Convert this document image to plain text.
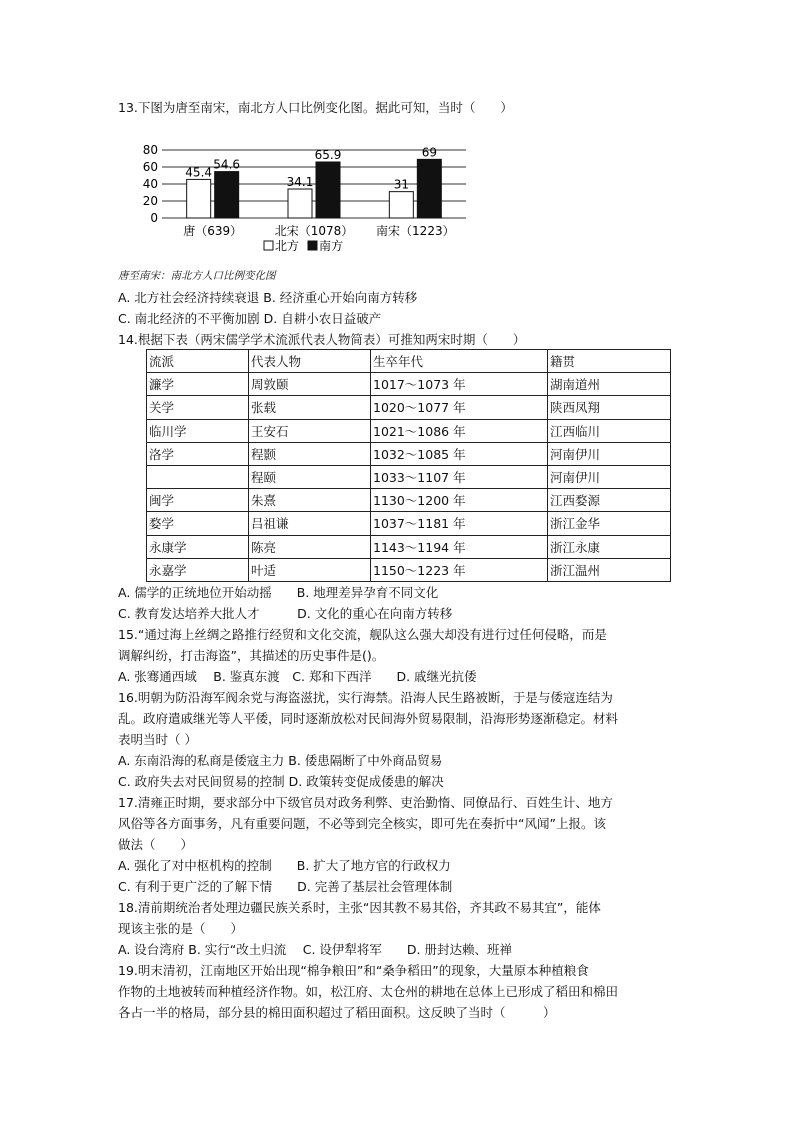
13.下图为唐至南宋，南北方人口比例变化图。据此可知，当时（　　）
0
20
40
60
80
45.4
54.6
34.1
65.9
31
69
唐（639）	北宋（1078） 南宋（1223）
北方 南方
唐至南宋：南北方人口比例变化图
A. 北方社会经济持续衰退 B. 经济重心开始向南方转移
C. 南北经济的不平衡加剧 D. 自耕小农日益破产
14.根据下表（两宋儒学学术流派代表人物简表）可推知两宋时期（　　）
流派	代表人物	生卒年代	籍贯
濂学	周敦颐	1017～1073 年	湖南道州
关学	张载	1020～1077 年	陕西凤翔
临川学	王安石	1021～1086 年	江西临川
洛学	程颢	1032～1085 年	河南伊川
	程颐	1033～1107 年	河南伊川
闽学	朱熹	1130～1200 年	江西婺源
婺学	吕祖谦	1037～1181 年	浙江金华
永康学	陈亮	1143～1194 年	浙江永康
永嘉学	叶适	1150～1223 年	浙江温州
A. 儒学的正统地位开始动摇　　B. 地理差异孕育不同文化
C. 教育发达培养大批人才　　　D. 文化的重心在向南方转移
15.“通过海上丝绸之路推行经贸和文化交流，舰队这么强大却没有进行过任何侵略，而是
调解纠纷，打击海盗”，其描述的历史事件是()。
A. 张骞通西域　 B. 鉴真东渡　C. 郑和下西洋　　D. 戚继光抗倭
16.明朝为防沿海军阀余党与海盗滋扰，实行海禁。沿海人民生路被断，于是与倭寇连结为
乱。政府遣戚继光等人平倭，同时逐渐放松对民间海外贸易限制，沿海形势逐渐稳定。材料
表明当时（ ）
A. 东南沿海的私商是倭寇主力 B. 倭患隔断了中外商品贸易
C. 政府失去对民间贸易的控制 D. 政策转变促成倭患的解决
17.清雍正时期，要求部分中下级官员对政务利弊、吏治勤惰、同僚品行、百姓生计、地方
风俗等各方面事务，凡有重要问题，不必等到完全核实，即可先在奏折中“风闻”上报。该
做法（　　）
A. 强化了对中枢机构的控制　　B. 扩大了地方官的行政权力
C. 有利于更广泛的了解下情　　D. 完善了基层社会管理体制
18.清前期统治者处理边疆民族关系时，主张“因其教不易其俗，齐其政不易其宜”，能体
现该主张的是（　　）
A. 设台湾府 B. 实行“改土归流　 C. 设伊犁将军　　D. 册封达赖、班禅
19.明末清初，江南地区开始出现“棉争粮田”和“桑争稻田”的现象，大量原本种植粮食
作物的土地被转而种植经济作物。如，松江府、太仓州的耕地在总体上已形成了稻田和棉田
各占一半的格局，部分县的棉田面积超过了稻田面积。这反映了当时（　　　）
